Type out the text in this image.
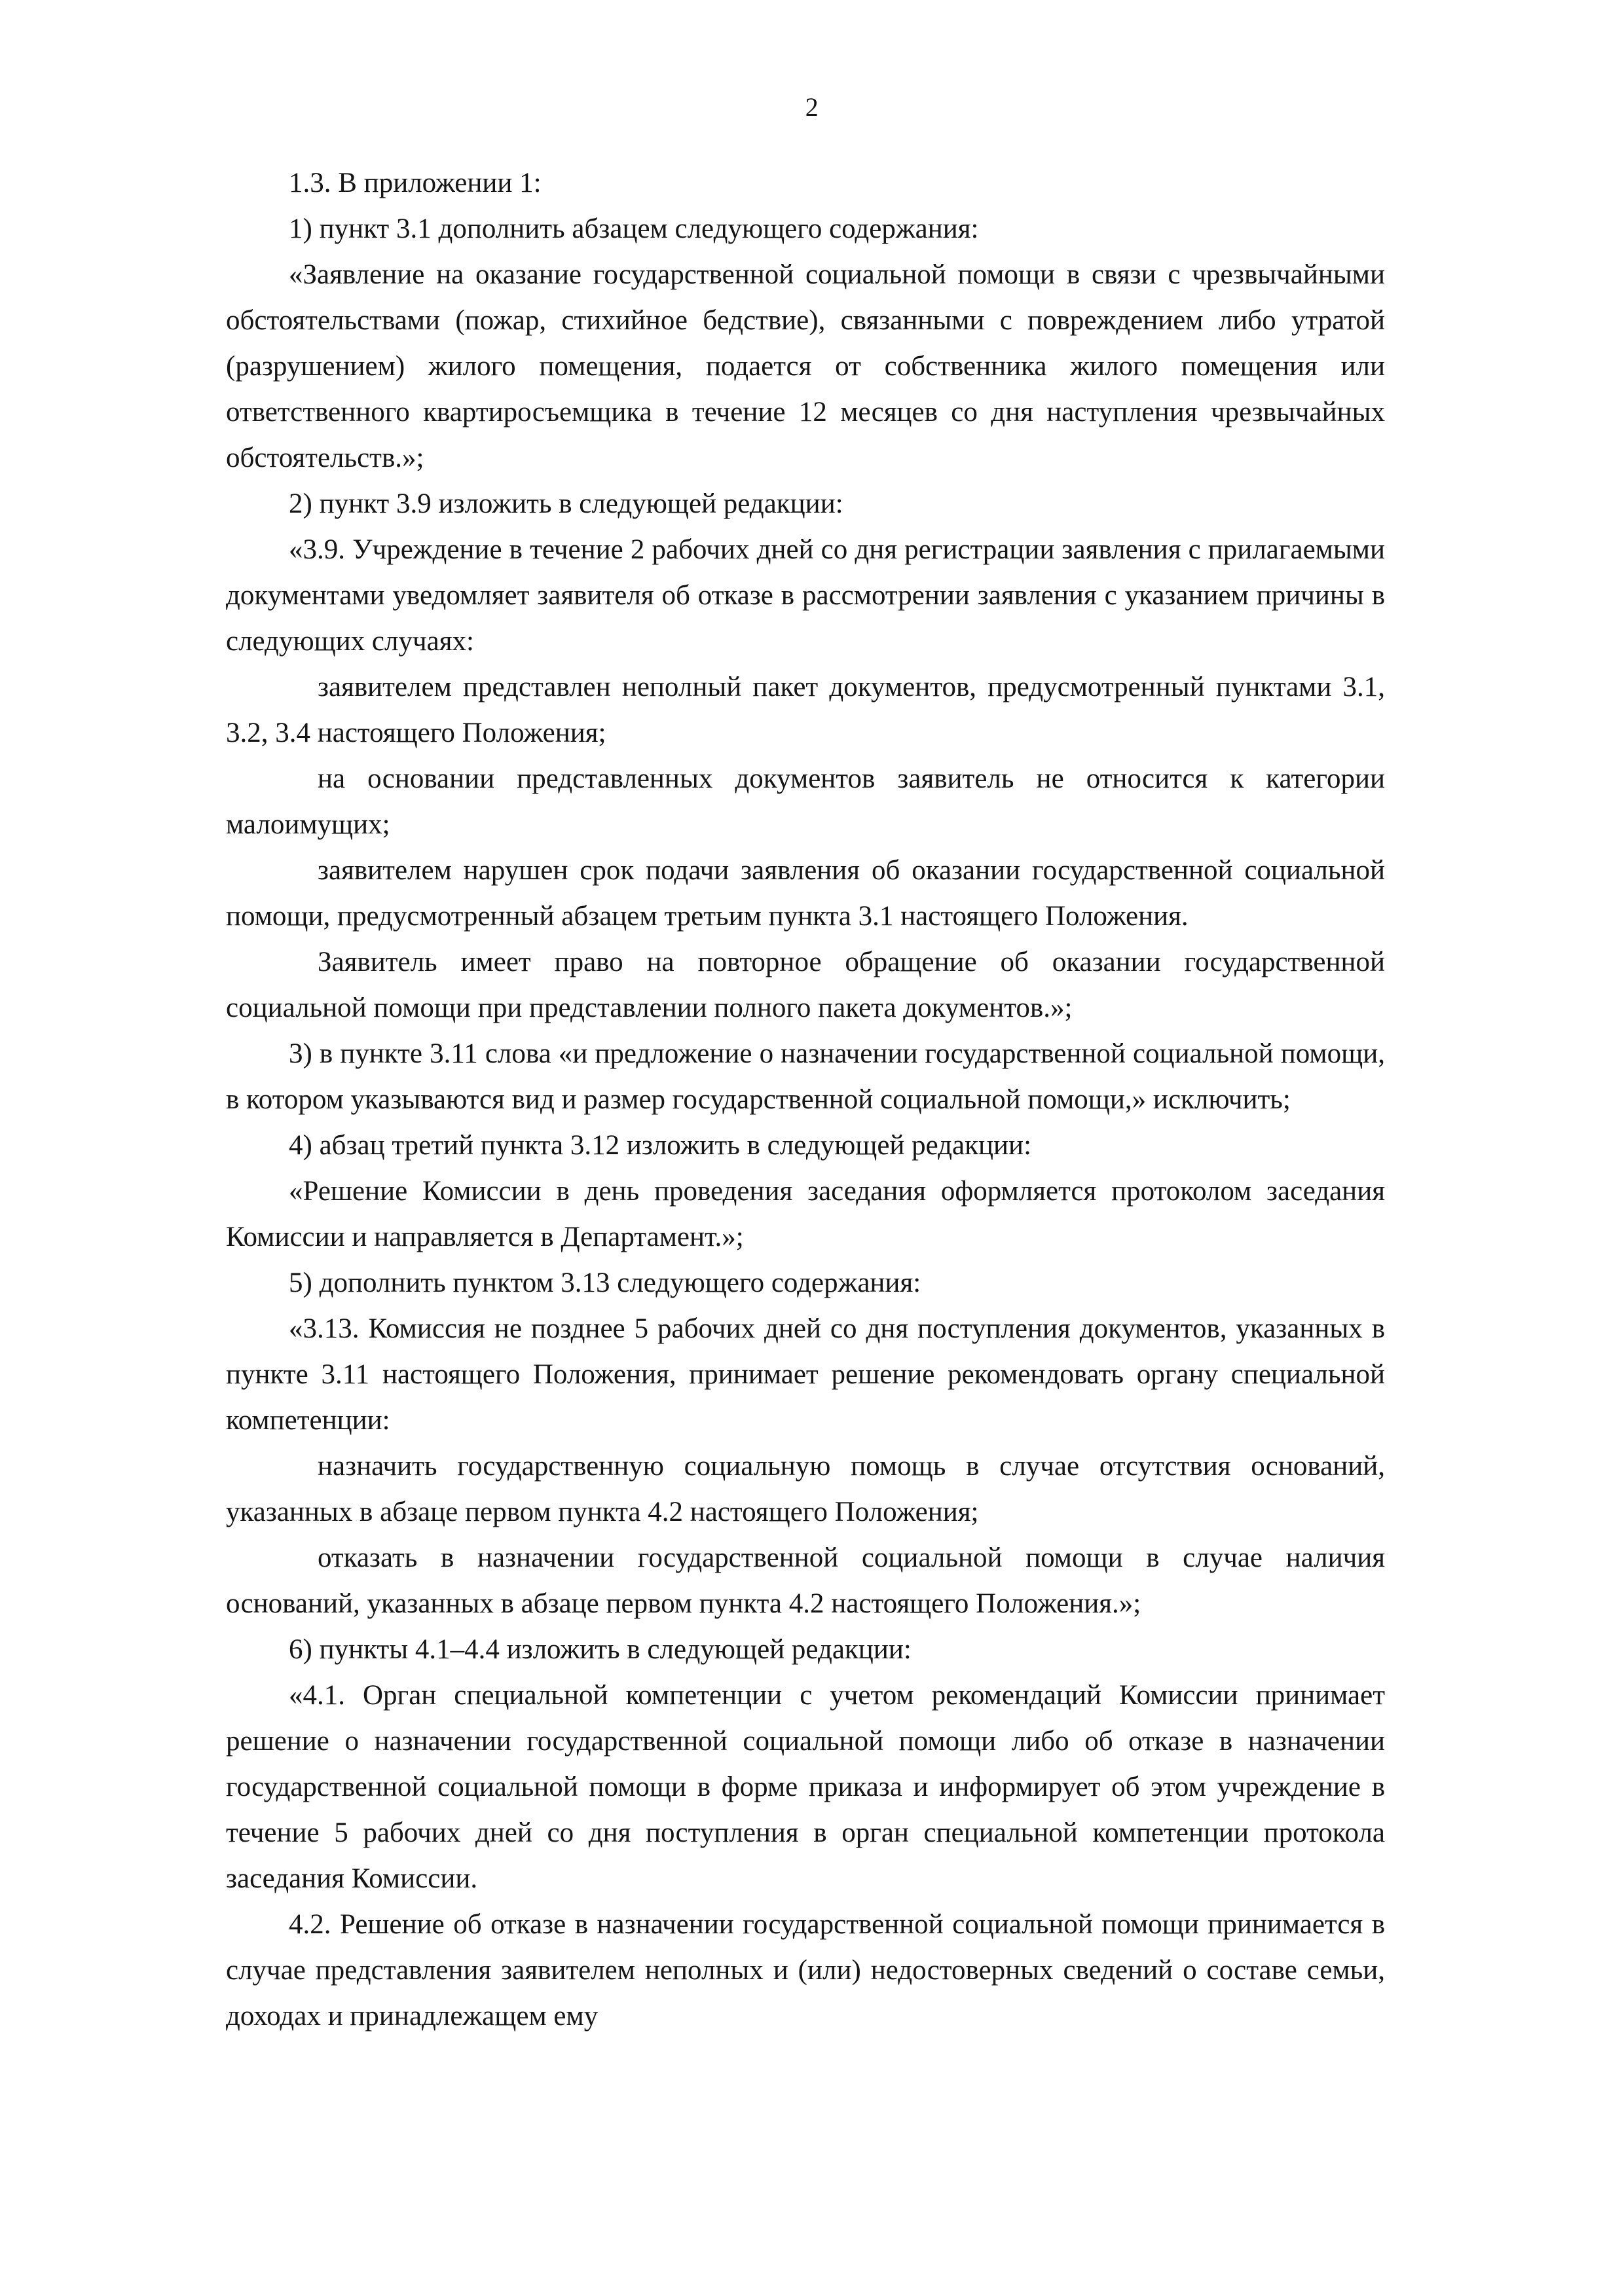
2

1.3. В приложении 1:

1) пункт 3.1 дополнить абзацем следующего содержания:

«Заявление на оказание государственной социальной помощи в связи с чрезвычайными обстоятельствами (пожар, стихийное бедствие), связанными с повреждением либо утратой (разрушением) жилого помещения, подается от собственника жилого помещения или ответственного квартиросъемщика в течение 12 месяцев со дня наступления чрезвычайных обстоятельств.»;

2) пункт 3.9 изложить в следующей редакции:

«3.9. Учреждение в течение 2 рабочих дней со дня регистрации заявления с прилагаемыми документами уведомляет заявителя об отказе в рассмотрении заявления с указанием причины в следующих случаях:

заявителем представлен неполный пакет документов, предусмотренный пунктами 3.1, 3.2, 3.4 настоящего Положения;

на основании представленных документов заявитель не относится к категории малоимущих;

заявителем нарушен срок подачи заявления об оказании государственной социальной помощи, предусмотренный абзацем третьим пункта 3.1 настоящего Положения.

Заявитель имеет право на повторное обращение об оказании государственной социальной помощи при представлении полного пакета документов.»;

3) в пункте 3.11 слова «и предложение о назначении государственной социальной помощи, в котором указываются вид и размер государственной социальной помощи,» исключить;

4) абзац третий пункта 3.12 изложить в следующей редакции:

«Решение Комиссии в день проведения заседания оформляется протоколом заседания Комиссии и направляется в Департамент.»;

5) дополнить пунктом 3.13 следующего содержания:

«3.13. Комиссия не позднее 5 рабочих дней со дня поступления документов, указанных в пункте 3.11 настоящего Положения, принимает решение рекомендовать органу специальной компетенции:

назначить государственную социальную помощь в случае отсутствия оснований, указанных в абзаце первом пункта 4.2 настоящего Положения;

отказать в назначении государственной социальной помощи в случае наличия оснований, указанных в абзаце первом пункта 4.2 настоящего Положения.»;

6) пункты 4.1–4.4 изложить в следующей редакции:

«4.1. Орган специальной компетенции с учетом рекомендаций Комиссии принимает решение о назначении государственной социальной помощи либо об отказе в назначении государственной социальной помощи в форме приказа и информирует об этом учреждение в течение 5 рабочих дней со дня поступления в орган специальной компетенции протокола заседания Комиссии.

4.2. Решение об отказе в назначении государственной социальной помощи принимается в случае представления заявителем неполных и (или) недостоверных сведений о составе семьи, доходах и принадлежащем ему
